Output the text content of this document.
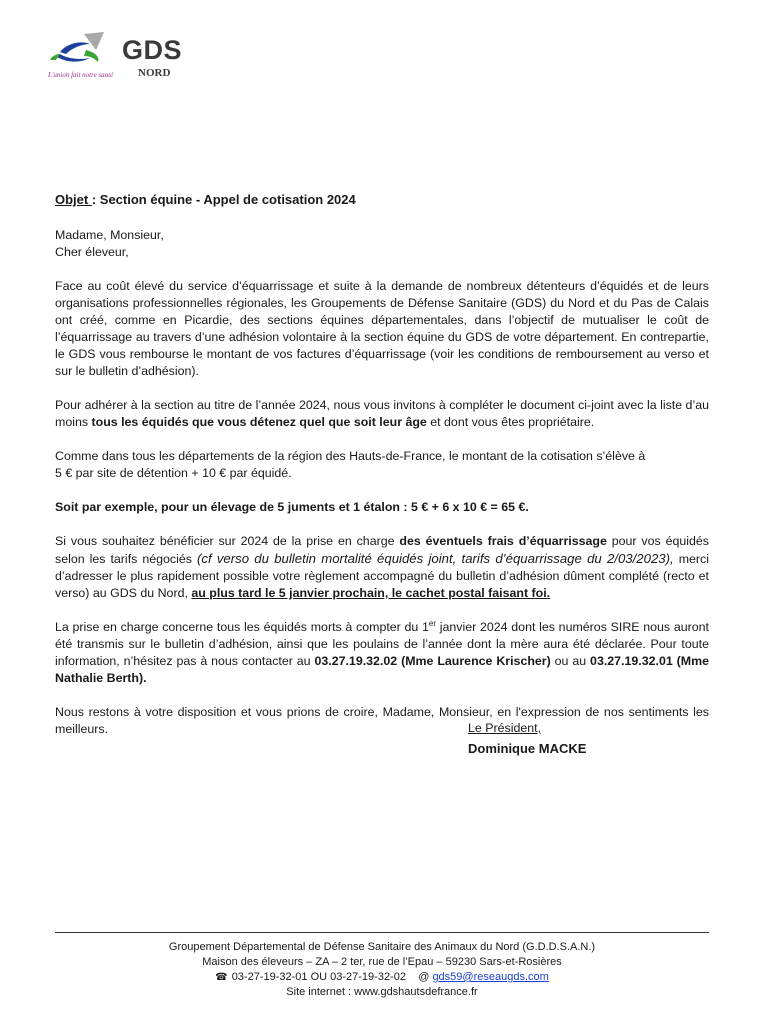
GDS
NORD
L'union fait notre santé

Objet : Section équine - Appel de cotisation 2024

Madame, Monsieur,

Cher éleveur,

Face au coût élevé du service d’équarrissage et suite à la demande de nombreux détenteurs d’équidés et de leurs organisations professionnelles régionales, les Groupements de Défense Sanitaire (GDS) du Nord et du Pas de Calais ont créé, comme en Picardie, des sections équines départementales, dans l’objectif de mutualiser le coût de l’équarrissage au travers d’une adhésion volontaire à la section équine du GDS de votre département. En contrepartie, le GDS vous rembourse le montant de vos factures d’équarrissage (voir les conditions de remboursement au verso et sur le bulletin d’adhésion).

Pour adhérer à la section au titre de l’année 2024, nous vous invitons à compléter le document ci-joint avec la liste d’au moins tous les équidés que vous détenez quel que soit leur âge et dont vous êtes propriétaire.

Comme dans tous les départements de la région des Hauts-de-France, le montant de la cotisation s’élève à
5 € par site de détention + 10 € par équidé.

Soit par exemple, pour un élevage de 5 juments et 1 étalon : 5 € + 6 x 10 € = 65 €.

Si vous souhaitez bénéficier sur 2024 de la prise en charge des éventuels frais d’équarrissage pour vos équidés selon les tarifs négociés (cf verso du bulletin mortalité équidés joint, tarifs d’équarrissage du 2/03/2023), merci d’adresser le plus rapidement possible votre règlement accompagné du bulletin d’adhésion dûment complété (recto et verso) au GDS du Nord, au plus tard le 5 janvier prochain, le cachet postal faisant foi.

La prise en charge concerne tous les équidés morts à compter du 1er janvier 2024 dont les numéros SIRE nous auront été transmis sur le bulletin d’adhésion, ainsi que les poulains de l’année dont la mère aura été déclarée. Pour toute information, n’hésitez pas à nous contacter au 03.27.19.32.02 (Mme Laurence Krischer) ou au 03.27.19.32.01 (Mme Nathalie Berth).

Nous restons à votre disposition et vous prions de croire, Madame, Monsieur, en l'expression de nos sentiments les meilleurs.	Le Président,
Dominique MACKE
Groupement Départemental de Défense Sanitaire des Animaux du Nord (G.D.D.S.A.N.)
Maison des éleveurs – ZA – 2 ter, rue de l’Epau – 59230 Sars-et-Rosières
☎ 03-27-19-32-01 OU 03-27-19-32-02 @ gds59@reseaugds.com
Site internet : www.gdshautsdefrance.fr
